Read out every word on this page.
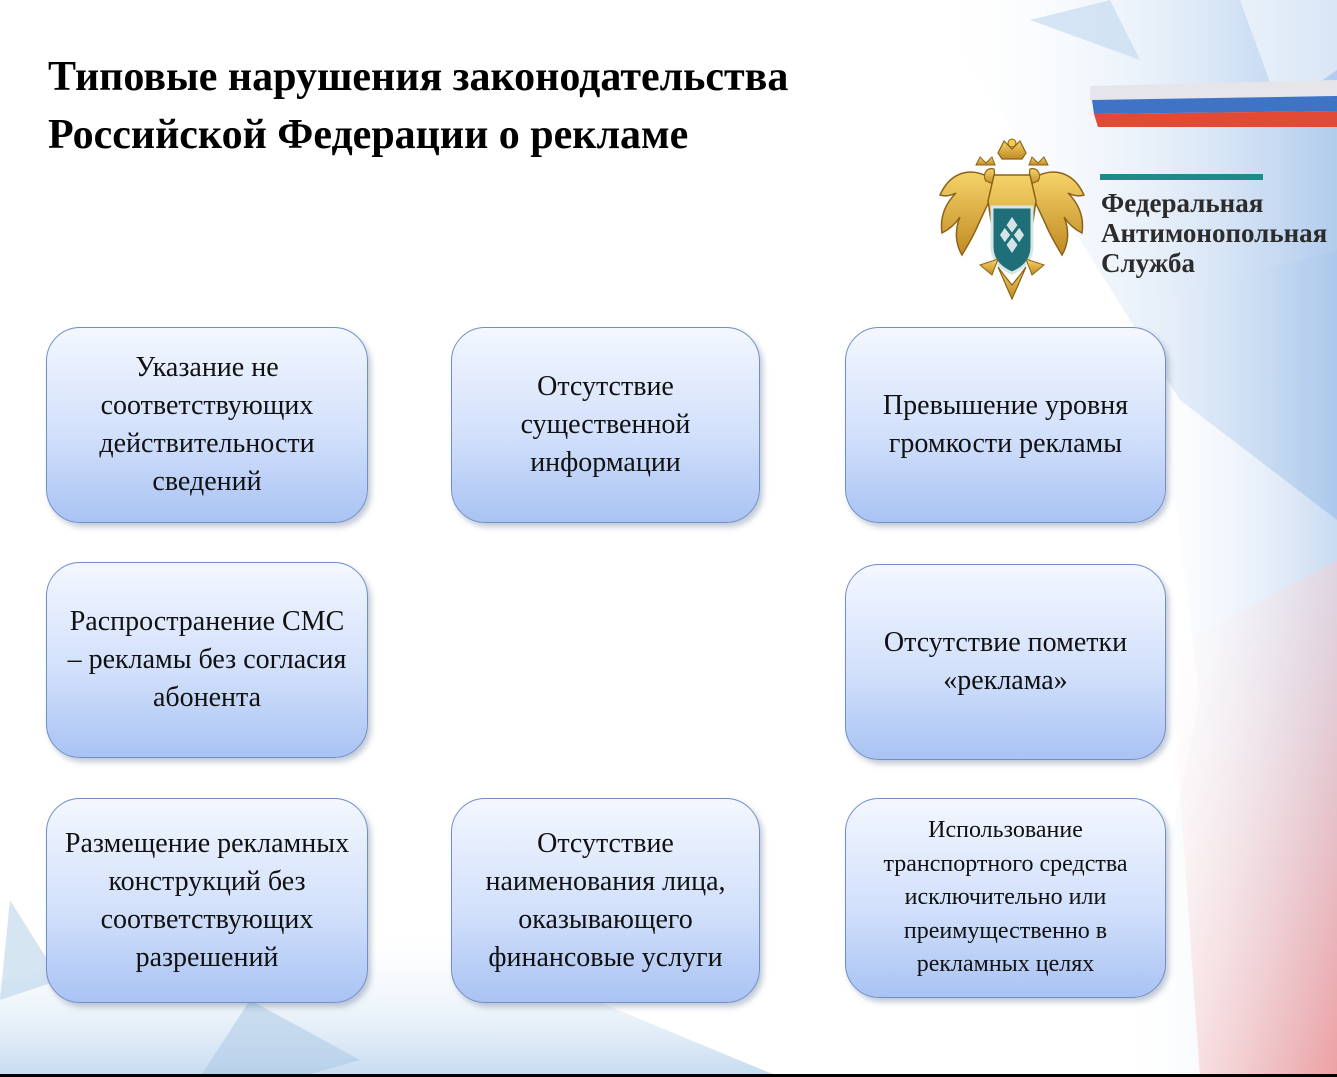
Типовые нарушения законодательства
Российской Федерации о рекламе
Федеральная
Антимонопольная
Служба
Указание не соответствующих действительности сведений
Отсутствие существенной информации
Превышение уровня громкости рекламы
Распространение СМС – рекламы без согласия абонента
Отсутствие пометки «реклама»
Размещение рекламных конструкций без соответствующих разрешений
Отсутствие наименования лица, оказывающего финансовые услуги
Использование транспортного средства исключительно или преимущественно в рекламных целях
